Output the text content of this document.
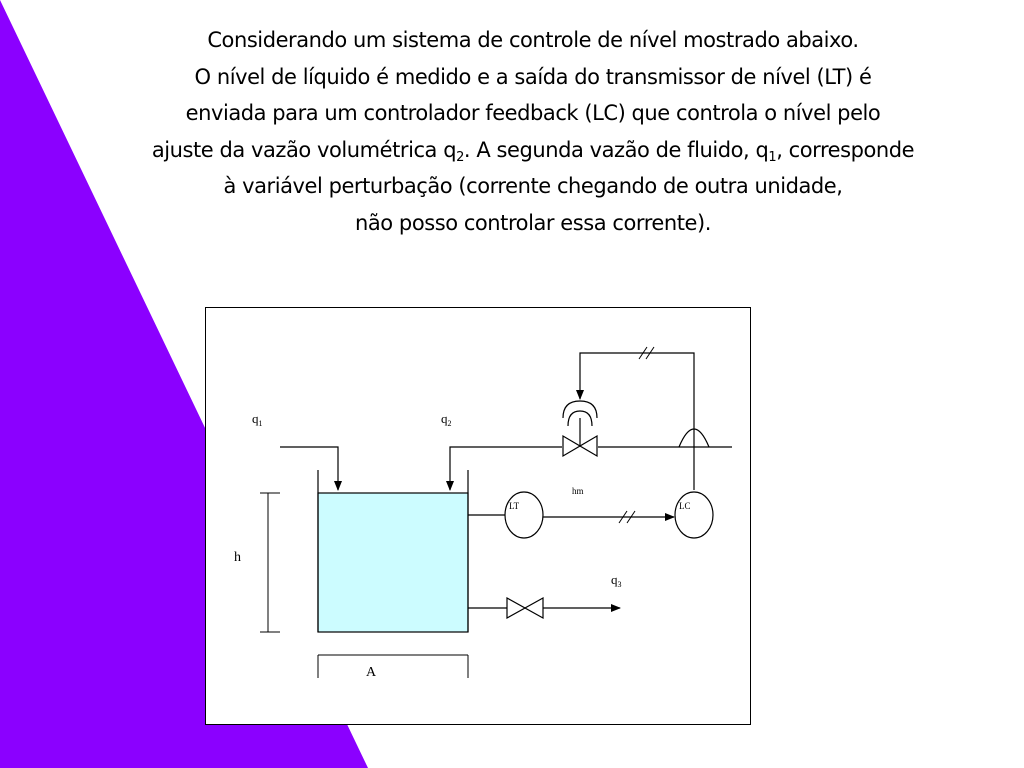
Considerando um sistema de controle de nível mostrado abaixo.
O nível de líquido é medido e a saída do transmissor de nível (LT) é
enviada para um controlador feedback (LC) que controla o nível pelo
ajuste da vazão volumétrica $q_2$. A segunda vazão de fluido, $q_1$, corresponde
à variável perturbação (corrente chegando de outra unidade,
não posso controlar essa corrente).
A
h
$q_1$	$q_2$
LT	LC
hm
$q_3$
